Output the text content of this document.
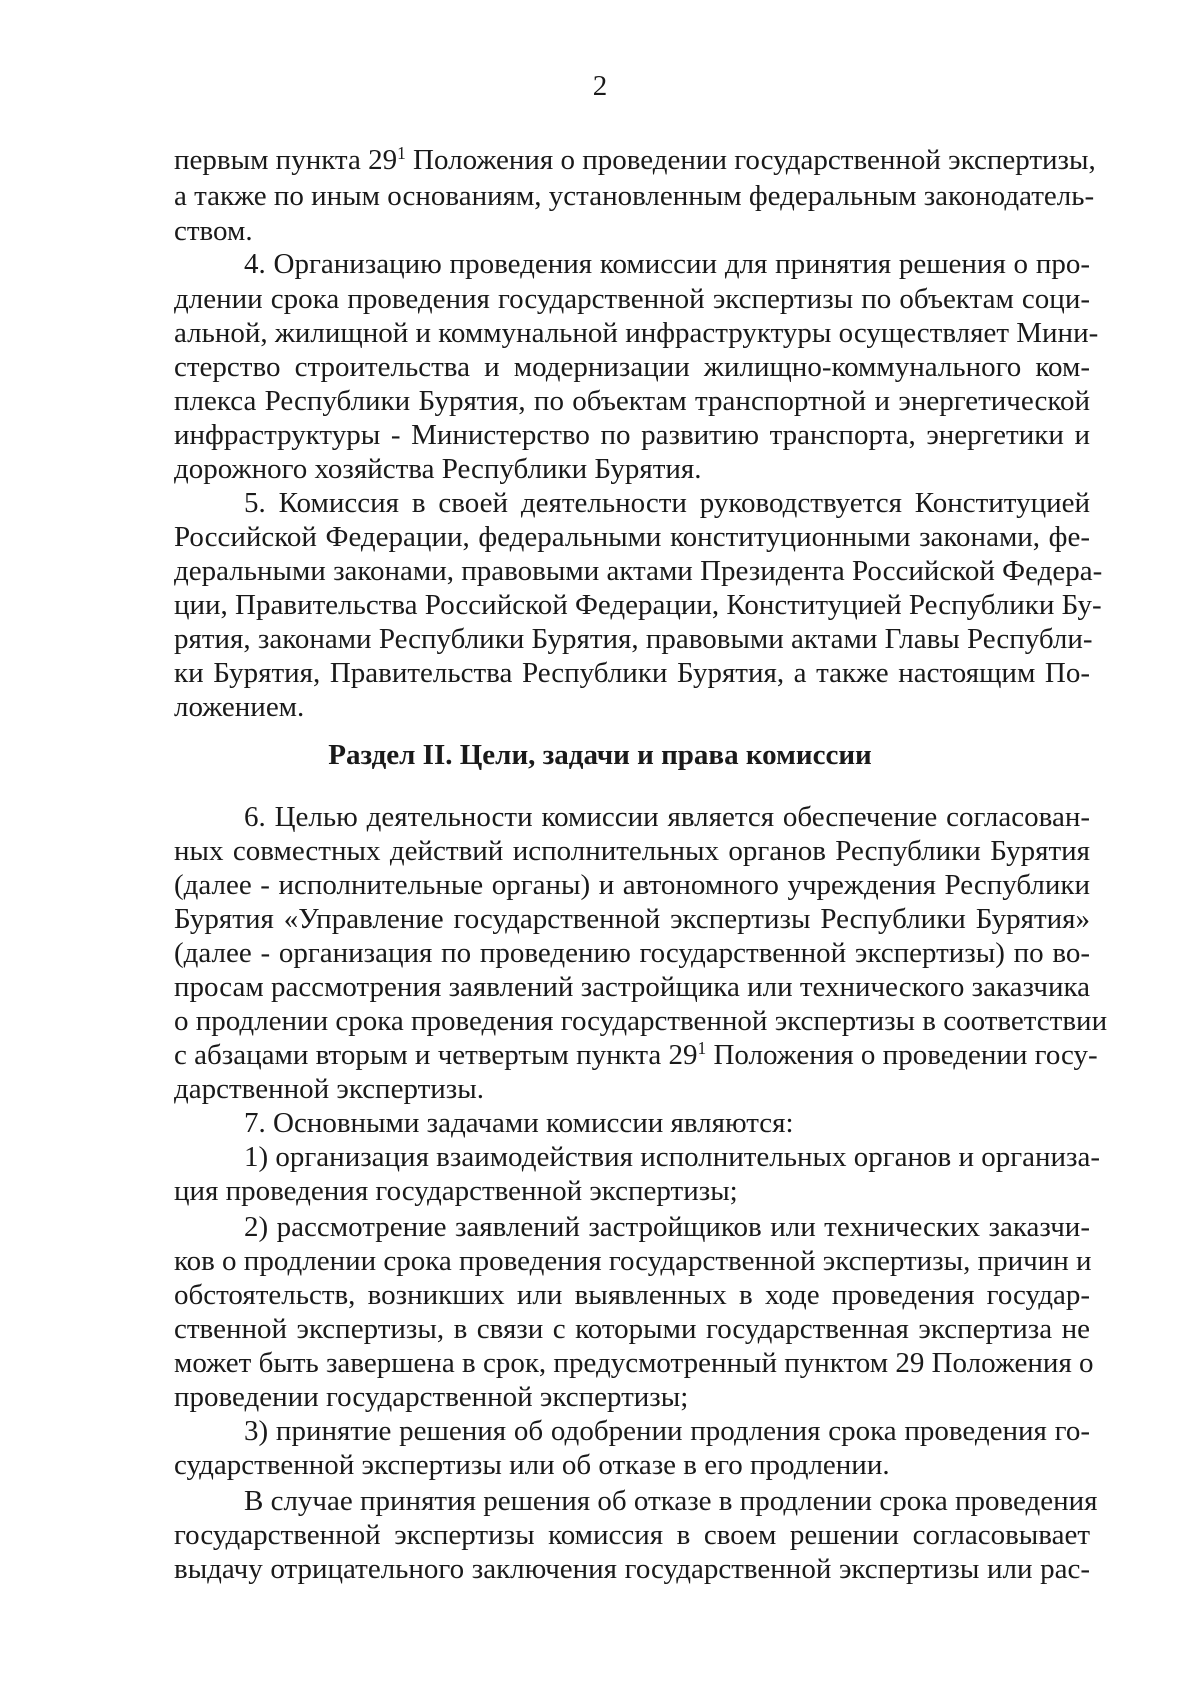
2
Раздел II. Цели, задачи и права комиссии
первым пункта $29^1$ Положения о проведении государственной экспертизы,
а также по иным основаниям, установленным федеральным законодатель-
ством.
4. Организацию проведения комиссии для принятия решения о про-
длении срока проведения государственной экспертизы по объектам соци-
альной, жилищной и коммунальной инфраструктуры осуществляет Мини-
стерство строительства и модернизации жилищно-коммунального ком-
плекса Республики Бурятия, по объектам транспортной и энергетической
инфраструктуры - Министерство по развитию транспорта, энергетики и
дорожного хозяйства Республики Бурятия.
5. Комиссия в своей деятельности руководствуется Конституцией
Российской Федерации, федеральными конституционными законами, фе-
деральными законами, правовыми актами Президента Российской Федера-
ции, Правительства Российской Федерации, Конституцией Республики Бу-
рятия, законами Республики Бурятия, правовыми актами Главы Республи-
ки Бурятия, Правительства Республики Бурятия, а также настоящим По-
ложением.
6. Целью деятельности комиссии является обеспечение согласован-
ных совместных действий исполнительных органов Республики Бурятия
(далее - исполнительные органы) и автономного учреждения Республики
Бурятия «Управление государственной экспертизы Республики Бурятия»
(далее - организация по проведению государственной экспертизы) по во-
просам рассмотрения заявлений застройщика или технического заказчика
о продлении срока проведения государственной экспертизы в соответствии
с абзацами вторым и четвертым пункта $29^1$ Положения о проведении госу-
дарственной экспертизы.
7. Основными задачами комиссии являются:
1) организация взаимодействия исполнительных органов и организа-
ция проведения государственной экспертизы;
2) рассмотрение заявлений застройщиков или технических заказчи-
ков о продлении срока проведения государственной экспертизы, причин и
обстоятельств, возникших или выявленных в ходе проведения государ-
ственной экспертизы, в связи с которыми государственная экспертиза не
может быть завершена в срок, предусмотренный пунктом 29 Положения о
проведении государственной экспертизы;
3) принятие решения об одобрении продления срока проведения го-
сударственной экспертизы или об отказе в его продлении.
В случае принятия решения об отказе в продлении срока проведения
государственной экспертизы комиссия в своем решении согласовывает
выдачу отрицательного заключения государственной экспертизы или рас-
